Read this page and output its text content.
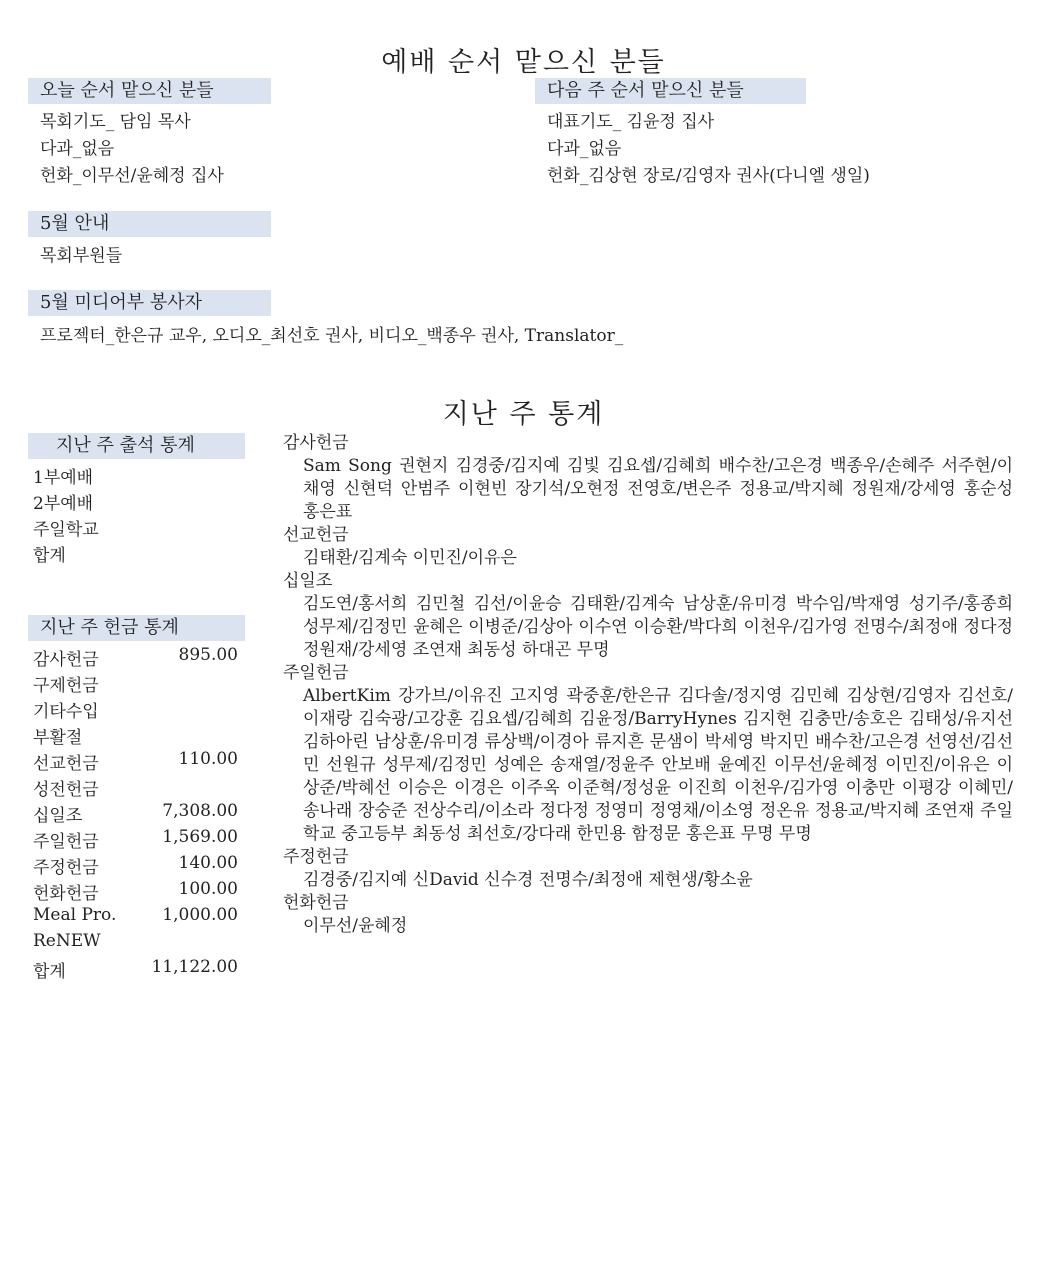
예배 순서 맡으신 분들
오늘 순서 맡으신 분들
목회기도_ 담임 목사
다과_없음
헌화_이무선/윤혜정 집사
다음 주 순서 맡으신 분들
대표기도_ 김윤정 집사
다과_없음
헌화_김상현 장로/김영자 권사(다니엘 생일)
5월 안내
목회부원들
5월 미디어부 봉사자
프로젝터_한은규 교우, 오디오_최선호 권사, 비디오_백종우 권사, Translator_
지난 주 통계
지난 주 출석 통계
1부예배
2부예배
주일학교
합계
지난 주 헌금 통계
감사헌금	895.00
구제헌금
기타수입
부활절
선교헌금	110.00
성전헌금
십일조	7,308.00
주일헌금	1,569.00
주정헌금	140.00
헌화헌금	100.00
Meal Pro.	1,000.00
ReNEW
합계	11,122.00
감사헌금
Sam Song 권현지 김경중/김지예 김빛 김요셉/김혜희 배수찬/고은경 백종우/손혜주 서주현/이채영 신현덕 안범주 이현빈 장기석/오현정 전영호/변은주 정용교/박지혜 정원재/강세영 홍순성 홍은표
선교헌금
김태환/김계숙 이민진/이유은
십일조
김도연/홍서희 김민철 김선/이윤승 김태환/김계숙 남상훈/유미경 박수임/박재영 성기주/홍종희 성무제/김정민 윤혜은 이병준/김상아 이수연 이승환/박다희 이천우/김가영 전명수/최정애 정다정 정원재/강세영 조연재 최동성 하대곤 무명
주일헌금
AlbertKim 강가브/이유진 고지영 곽중훈/한은규 김다솔/정지영 김민혜 김상현/김영자 김선호/이재랑 김숙광/고강훈 김요셉/김혜희 김윤정/BarryHynes 김지현 김충만/송호은 김태성/유지선 김하아린 남상훈/유미경 류상백/이경아 류지흔 문샘이 박세영 박지민 배수찬/고은경 선영선/김선민 선원규 성무제/김정민 성예은 송재열/정윤주 안보배 윤예진 이무선/윤혜정 이민진/이유은 이상준/박혜선 이승은 이경은 이주옥 이준혁/정성윤 이진희 이천우/김가영 이충만 이평강 이혜민/송나래 장숭준 전상수리/이소라 정다정 정영미 정영채/이소영 정온유 정용교/박지혜 조연재 주일학교 중고등부 최동성 최선호/강다래 한민용 함정문 홍은표 무명 무명
주정헌금
김경중/김지예 신David 신수경 전명수/최정애 제현생/황소윤
헌화헌금
이무선/윤혜정
